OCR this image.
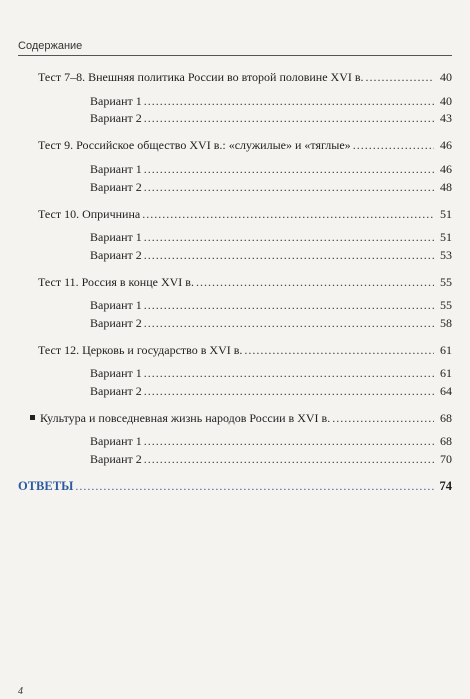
Содержание
Тест 7–8. Внешняя политика России во второй половине XVI в. .....	40
Вариант 1 .....	40
Вариант 2 .....	43
Тест 9. Российское общество XVI в.: «служилые» и «тяглые» .....	46
Вариант 1 .....	46
Вариант 2 .....	48
Тест 10. Опричнина .....	51
Вариант 1 .....	51
Вариант 2 .....	53
Тест 11. Россия в конце XVI в. .....	55
Вариант 1 .....	55
Вариант 2 .....	58
Тест 12. Церковь и государство в XVI в. .....	61
Вариант 1 .....	61
Вариант 2 .....	64
Культура и повседневная жизнь народов России в XVI в. .....	68
Вариант 1 .....	68
Вариант 2 .....	70
ОТВЕТЫ .....	74
4
